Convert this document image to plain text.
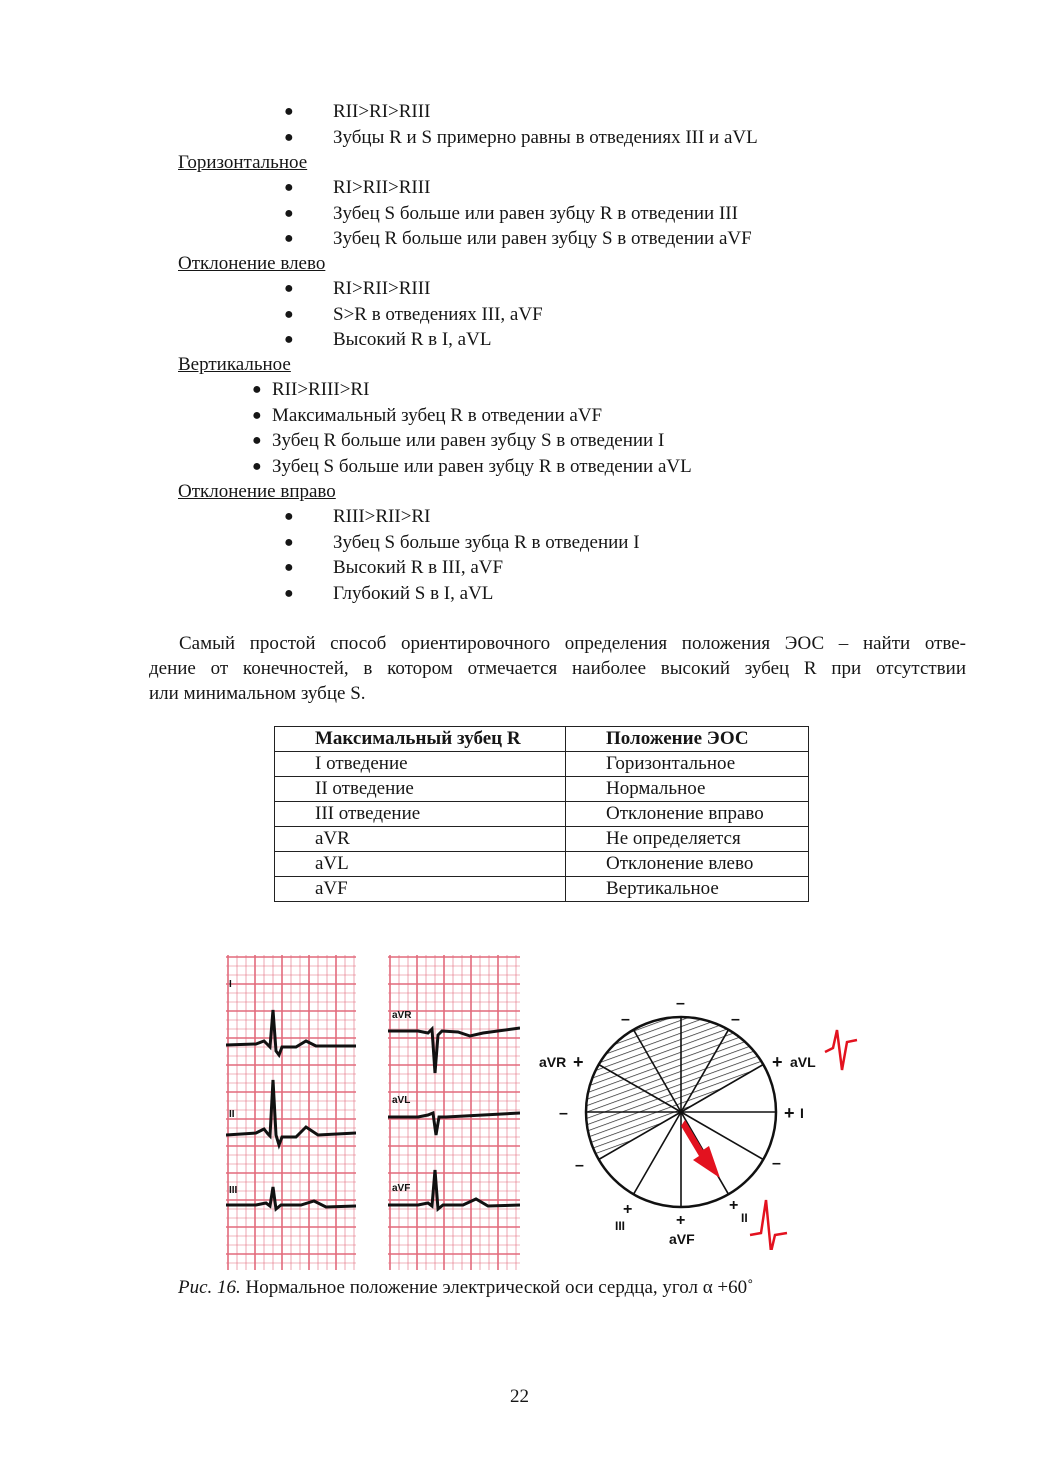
● RII>RI>RIII
● Зубцы R и S примерно равны в отведениях III и aVL
Горизонтальное
● RI>RII>RIII
● Зубец S больше или равен зубцу R в отведении III
● Зубец R больше или равен зубцу S в отведении aVF
Отклонение влево
● RI>RII>RIII
● S>R в отведениях III, aVF
● Высокий R в I, aVL
Вертикальное
● RII>RIII>RI
● Максимальный зубец R в отведении aVF
● Зубец R больше или равен зубцу S в отведении I
● Зубец S больше или равен зубцу R в отведении aVL
Отклонение вправо
● RIII>RII>RI
● Зубец S больше зубца R в отведении I
● Высокий R в III, aVF
● Глубокий S в I, aVL
Самый простой способ ориентировочного определения положения ЭОС – найти отве-
дение от конечностей, в котором отмечается наиболее высокий зубец R при отсутствии
или минимальном зубце S.
Максимальный зубец R	Положение ЭОС
I отведение	Горизонтальное
II отведение	Нормальное
III отведение	Отклонение вправо
aVR	Не определяется
aVL	Отклонение влево
aVF	Вертикальное
I
II
III
aVR
aVL
aVF
–
–	–
–
–	–
aVR +	+ aVL
+ I
+
II
+
aVF
+
III
Рис. 16. Нормальное положение электрической оси сердца, угол α +60˚
22
